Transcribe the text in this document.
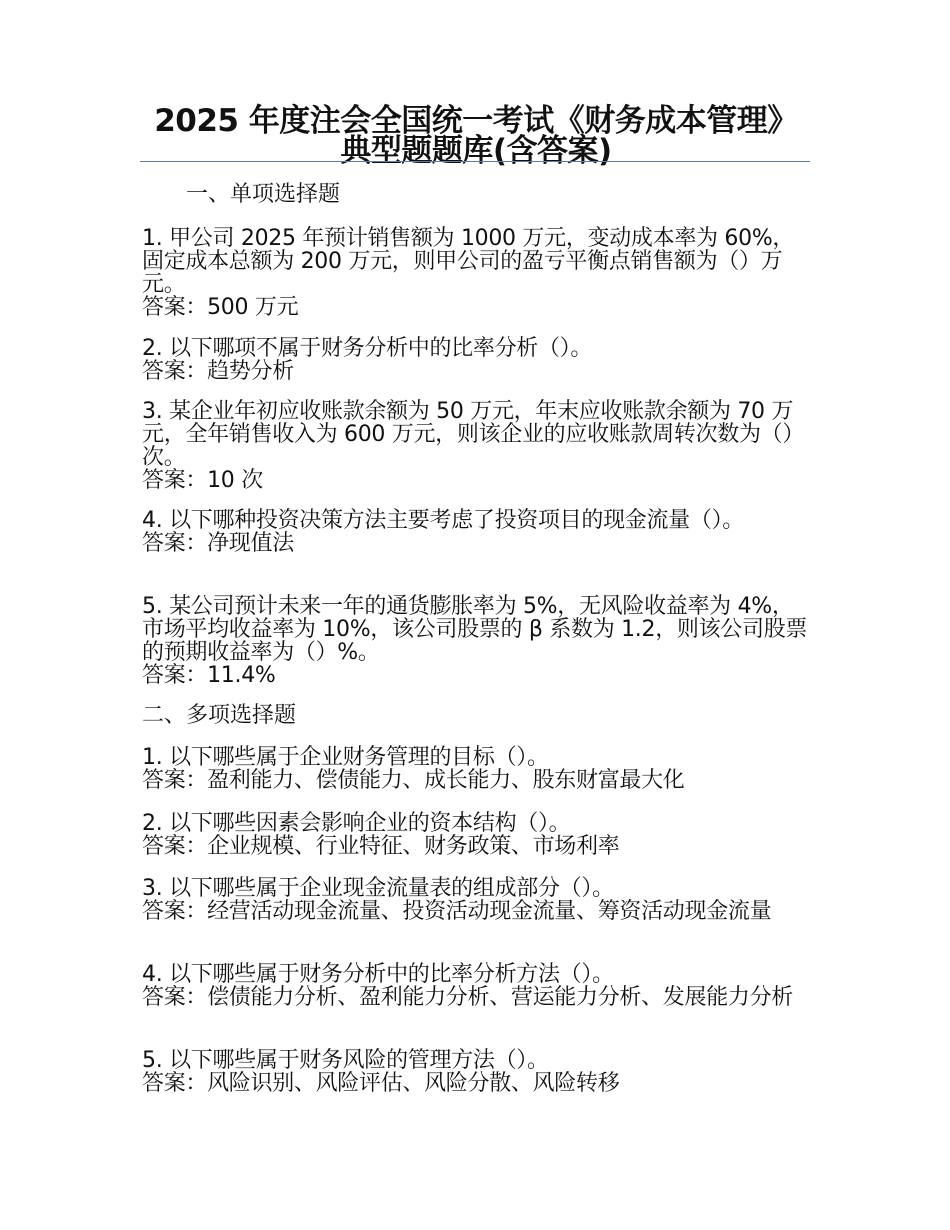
2025 年度注会全国统一考试《财务成本管理》典型题题库(含答案)
一、单项选择题
1. 甲公司 2025 年预计销售额为 1000 万元，变动成本率为 60%，固定成本总额为 200 万元，则甲公司的盈亏平衡点销售额为（）万元。
答案：500 万元
2. 以下哪项不属于财务分析中的比率分析（）。
答案：趋势分析
3. 某企业年初应收账款余额为 50 万元，年末应收账款余额为 70 万元，全年销售收入为 600 万元，则该企业的应收账款周转次数为（）次。
答案：10 次
4. 以下哪种投资决策方法主要考虑了投资项目的现金流量（）。
答案：净现值法
5. 某公司预计未来一年的通货膨胀率为 5%，无风险收益率为 4%，市场平均收益率为 10%，该公司股票的 β 系数为 1.2，则该公司股票的预期收益率为（）%。
答案：11.4%
二、多项选择题
1. 以下哪些属于企业财务管理的目标（）。
答案：盈利能力、偿债能力、成长能力、股东财富最大化
2. 以下哪些因素会影响企业的资本结构（）。
答案：企业规模、行业特征、财务政策、市场利率
3. 以下哪些属于企业现金流量表的组成部分（）。
答案：经营活动现金流量、投资活动现金流量、筹资活动现金流量
4. 以下哪些属于财务分析中的比率分析方法（）。
答案：偿债能力分析、盈利能力分析、营运能力分析、发展能力分析
5. 以下哪些属于财务风险的管理方法（）。
答案：风险识别、风险评估、风险分散、风险转移
